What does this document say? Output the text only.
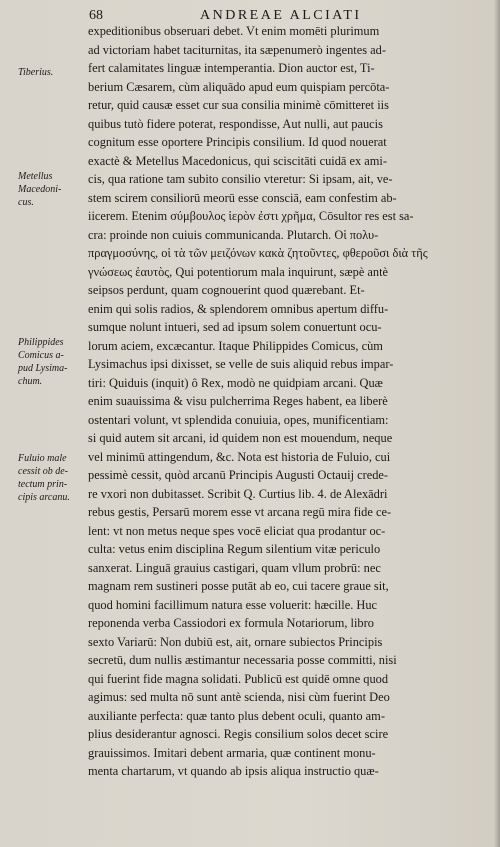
68	ANDREAE ALCIATI
Tiberius.
Metellus
Macedoni-
cus.
Philippides
Comicus a-
pud Lysima-
chum.
Fuluio male
cessit ob de-
tectum prin-
cipis arcanu.
expeditionibus obseruari debet. Vt enim momēti plurimum
ad victoriam habet taciturnitas, ita sæpenumerò ingentes ad-
fert calamitates linguæ intemperantia. Dion auctor est, Ti-
berium Cæsarem, cùm aliquādo apud eum quispiam percōta-
retur, quid causæ esset cur sua consilia minimè cōmitteret iis
quibus tutò fidere poterat, respondisse, Aut nulli, aut paucis
cognitum esse oportere Principis consilium. Id quod nouerat
exactè & Metellus Macedonicus, qui sciscitāti cuidā ex ami-
cis, qua ratione tam subito consilio vteretur: Si ipsam, ait, ve-
stem scirem consiliorū meorū esse consciā, eam confestim ab-
iicerem. Etenim σύμβουλος ἱερὸν ἐστι χρῆμα, Cōsultor res est sa-
cra: proinde non cuiuis communicanda. Plutarch. Οἱ πολυ-
πραγμοσύνης, οἱ τὰ τῶν μειζόνων κακὰ ζητοῦντες, φθεροῦσι διὰ τῆς
γνώσεως ἑαυτὸς, Qui potentiorum mala inquirunt, sæpè antè
seipsos perdunt, quam cognouerint quod quærebant. Et-
enim qui solis radios, & splendorem omnibus apertum diffu-
sumque nolunt intueri, sed ad ipsum solem conuertunt ocu-
lorum aciem, excæcantur. Itaque Philippides Comicus, cùm
Lysimachus ipsi dixisset, se velle de suis aliquid rebus impar-
tiri: Quiduis (inquit) ô Rex, modò ne quidpiam arcani. Quæ
enim suauissima & visu pulcherrima Reges habent, ea liberè
ostentari volunt, vt splendida conuiuia, opes, munificentiam:
si quid autem sit arcani, id quidem non est mouendum, neque
vel minimū attingendum, &c. Nota est historia de Fuluio, cui
pessimè cessit, quòd arcanū Principis Augusti Octauij crede-
re vxori non dubitasset. Scribit Q. Curtius lib. 4. de Alexādri
rebus gestis, Persarū morem esse vt arcana regū mira fide ce-
lent: vt non metus neque spes vocē eliciat qua prodantur oc-
culta: vetus enim disciplina Regum silentium vitæ periculo
sanxerat. Linguā grauius castigari, quam vllum probrū: nec
magnam rem sustineri posse putāt ab eo, cui tacere graue sit,
quod homini facillimum natura esse voluerit: hæcille. Huc
reponenda verba Cassiodori ex formula Notariorum, libro
sexto Variarū: Non dubiū est, ait, ornare subiectos Principis
secretū, dum nullis æstimantur necessaria posse committi, nisi
qui fuerint fide magna solidati. Publicū est quidē omne quod
agimus: sed multa nō sunt antè scienda, nisi cùm fuerint Deo
auxiliante perfecta: quæ tanto plus debent oculi, quanto am-
plius desiderantur agnosci. Regis consilium solos decet scire
grauissimos. Imitari debent armaria, quæ continent monu-
menta chartarum, vt quando ab ipsis aliqua instructio quæ-
